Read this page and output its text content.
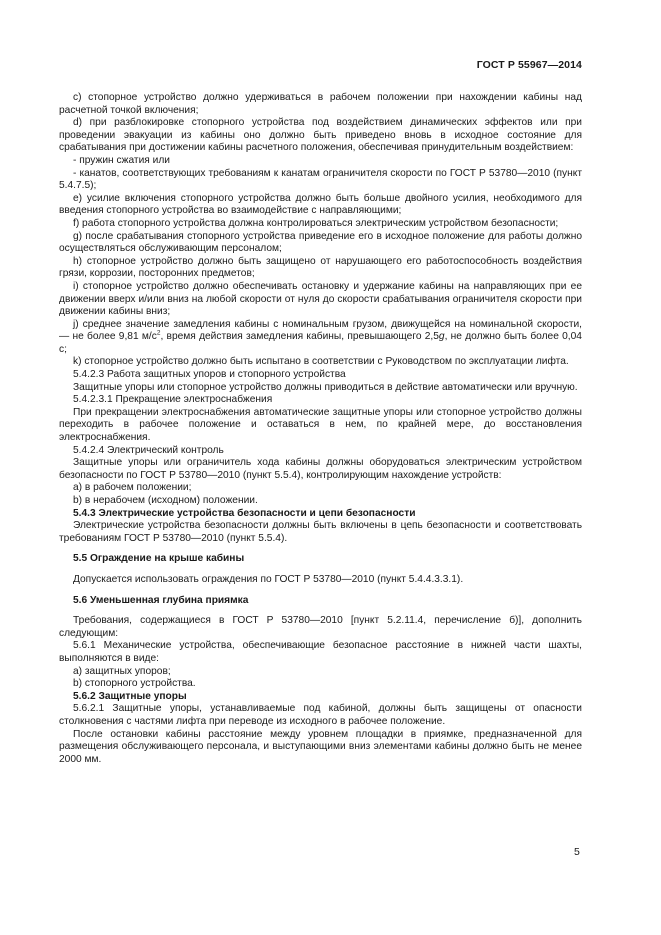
ГОСТ Р 55967—2014

с) стопорное устройство должно удерживаться в рабочем положении при нахождении кабины над расчетной точкой включения;

d) при разблокировке стопорного устройства под воздействием динамических эффектов или при проведении эвакуации из кабины оно должно быть приведено вновь в исходное состояние для срабатывания при достижении кабины расчетного положения, обеспечивая принудительным воздействием:

- пружин сжатия или

- канатов, соответствующих требованиям к канатам ограничителя скорости по ГОСТ Р 53780—2010 (пункт 5.4.7.5);

е) усилие включения стопорного устройства должно быть больше двойного усилия, необходимого для введения стопорного устройства во взаимодействие с направляющими;

f) работа стопорного устройства должна контролироваться электрическим устройством безопасности;

g) после срабатывания стопорного устройства приведение его в исходное положение для работы должно осуществляться обслуживающим персоналом;

h) стопорное устройство должно быть защищено от нарушающего его работоспособность воздействия грязи, коррозии, посторонних предметов;

i) стопорное устройство должно обеспечивать остановку и удержание кабины на направляющих при ее движении вверх и/или вниз на любой скорости от нуля до скорости срабатывания ограничителя скорости при движении кабины вниз;

j) среднее значение замедления кабины с номинальным грузом, движущейся на номинальной скорости, — не более 9,81 $м/с^2$, время действия замедления кабины, превышающего 2,5g, не должно быть более 0,04 с;

k) стопорное устройство должно быть испытано в соответствии с Руководством по эксплуатации лифта.

5.4.2.3 Работа защитных упоров и стопорного устройства

Защитные упоры или стопорное устройство должны приводиться в действие автоматически или вручную.

5.4.2.3.1 Прекращение электроснабжения

При прекращении электроснабжения автоматические защитные упоры или стопорное устройство должны переходить в рабочее положение и оставаться в нем, по крайней мере, до восстановления электроснабжения.

5.4.2.4 Электрический контроль

Защитные упоры или ограничитель хода кабины должны оборудоваться электрическим устройством безопасности по ГОСТ Р 53780—2010 (пункт 5.5.4), контролирующим нахождение устройств:

а) в рабочем положении;

b) в нерабочем (исходном) положении.

5.4.3 Электрические устройства безопасности и цепи безопасности

Электрические устройства безопасности должны быть включены в цепь безопасности и соответствовать требованиям ГОСТ Р 53780—2010 (пункт 5.5.4).

5.5 Ограждение на крыше кабины

Допускается использовать ограждения по ГОСТ Р 53780—2010 (пункт 5.4.4.3.3.1).

5.6 Уменьшенная глубина приямка

Требования, содержащиеся в ГОСТ Р 53780—2010 [пункт 5.2.11.4, перечисление б)], дополнить следующим:

5.6.1 Механические устройства, обеспечивающие безопасное расстояние в нижней части шахты, выполняются в виде:

а) защитных упоров;

b) стопорного устройства.

5.6.2 Защитные упоры

5.6.2.1 Защитные упоры, устанавливаемые под кабиной, должны быть защищены от опасности столкновения с частями лифта при переводе из исходного в рабочее положение.

После остановки кабины расстояние между уровнем площадки в приямке, предназначенной для размещения обслуживающего персонала, и выступающими вниз элементами кабины должно быть не менее 2000 мм.

5
